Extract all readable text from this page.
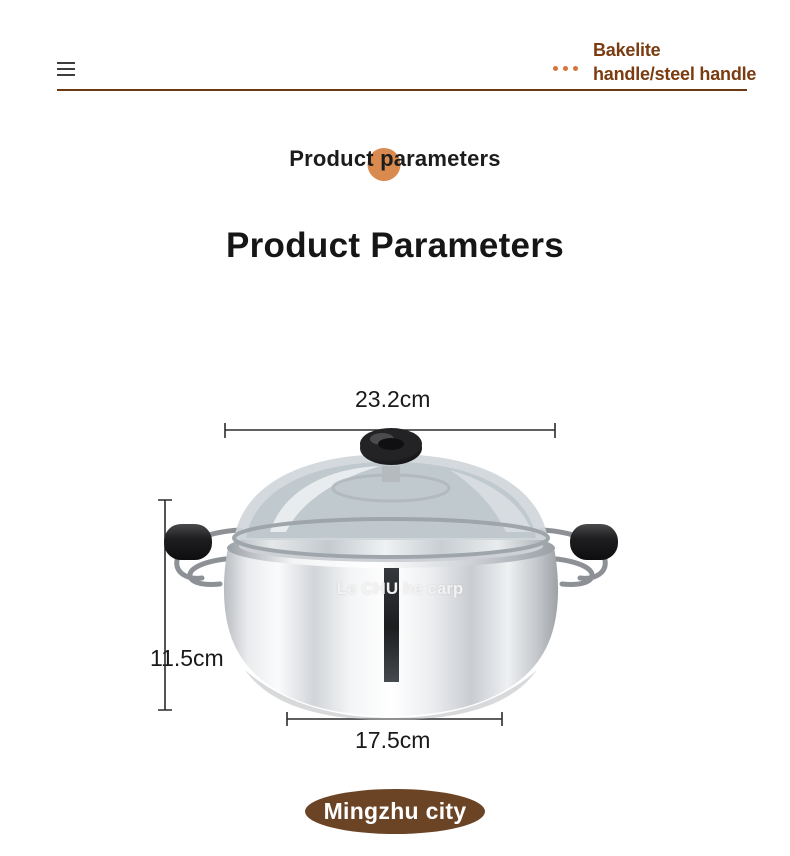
Bakelite handle/steel handle
Product parameters
Product Parameters
23.2cm
17.5cm
11.5cm
Le CHU he carp
Mingzhu city
